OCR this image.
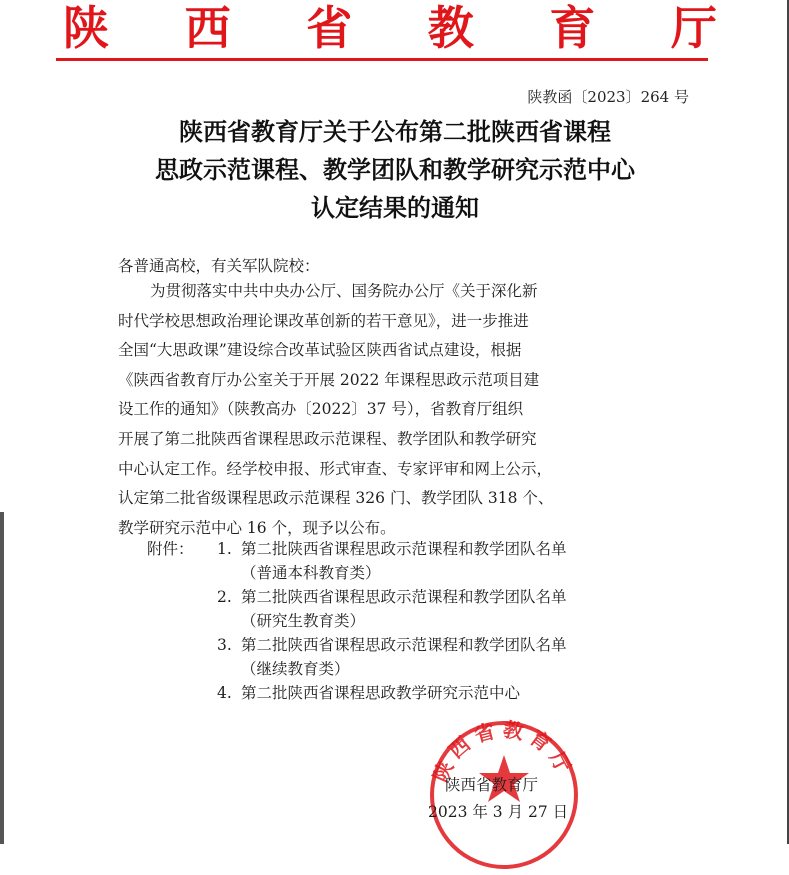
陕 西 省 教 育 厅
陕教函〔2023〕264 号
陕西省教育厅关于公布第二批陕西省课程
思政示范课程、教学团队和教学研究示范中心
认定结果的通知
各普通高校，有关军队院校：
为贯彻落实中共中央办公厅、国务院办公厅《关于深化新
时代学校思想政治理论课改革创新的若干意见》，进一步推进
全国“大思政课”建设综合改革试验区陕西省试点建设，根据
《陕西省教育厅办公室关于开展 2022 年课程思政示范项目建
设工作的通知》（陕教高办〔2022〕37 号），省教育厅组织
开展了第二批陕西省课程思政示范课程、教学团队和教学研究
中心认定工作。经学校申报、形式审查、专家评审和网上公示，
认定第二批省级课程思政示范课程 326 门、教学团队 318 个、
教学研究示范中心 16 个，现予以公布。
附件： 1. 第二批陕西省课程思政示范课程和教学团队名单
（普通本科教育类）
2. 第二批陕西省课程思政示范课程和教学团队名单
（研究生教育类）
3. 第二批陕西省课程思政示范课程和教学团队名单
（继续教育类）
4. 第二批陕西省课程思政教学研究示范中心
陕西省教育厅
陕西省教育厅
2023 年 3 月 27 日
